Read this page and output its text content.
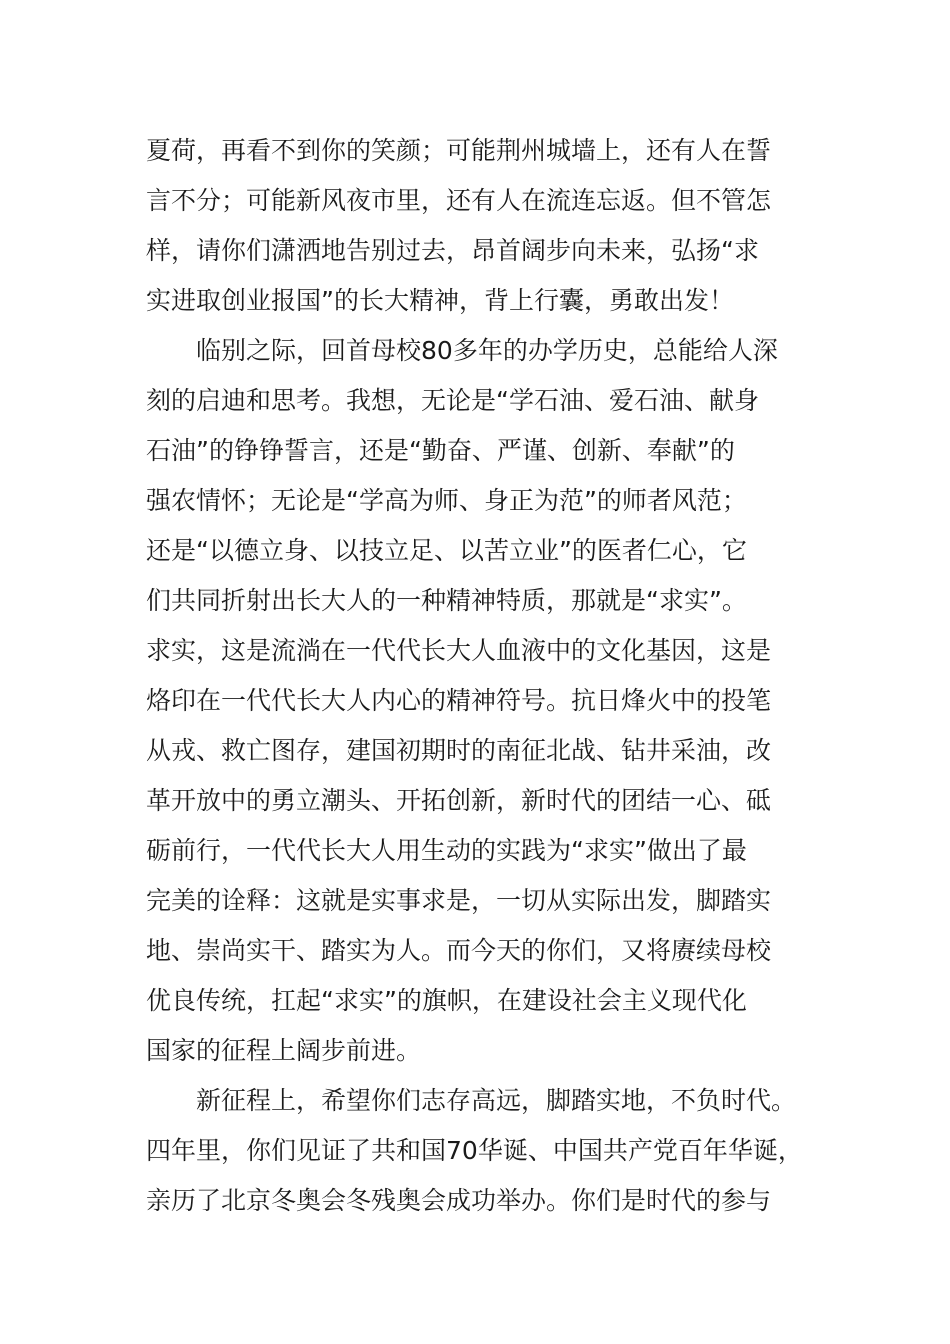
夏荷，再看不到你的笑颜；可能荆州城墙上，还有人在誓
言不分；可能新风夜市里，还有人在流连忘返。但不管怎
样，请你们潇洒地告别过去，昂首阔步向未来，弘扬“求
实进取创业报国”的长大精神，背上行囊，勇敢出发！
　　临别之际，回首母校80多年的办学历史，总能给人深
刻的启迪和思考。我想，无论是“学石油、爱石油、献身
石油”的铮铮誓言，还是“勤奋、严谨、创新、奉献”的
强农情怀；无论是“学高为师、身正为范”的师者风范；
还是“以德立身、以技立足、以苦立业”的医者仁心，它
们共同折射出长大人的一种精神特质，那就是“求实”。
求实，这是流淌在一代代长大人血液中的文化基因，这是
烙印在一代代长大人内心的精神符号。抗日烽火中的投笔
从戎、救亡图存，建国初期时的南征北战、钻井采油，改
革开放中的勇立潮头、开拓创新，新时代的团结一心、砥
砺前行，一代代长大人用生动的实践为“求实”做出了最
完美的诠释：这就是实事求是，一切从实际出发，脚踏实
地、崇尚实干、踏实为人。而今天的你们，又将赓续母校
优良传统，扛起“求实”的旗帜，在建设社会主义现代化
国家的征程上阔步前进。
　　新征程上，希望你们志存高远，脚踏实地，不负时代。
四年里，你们见证了共和国70华诞、中国共产党百年华诞，
亲历了北京冬奥会冬残奥会成功举办。你们是时代的参与
